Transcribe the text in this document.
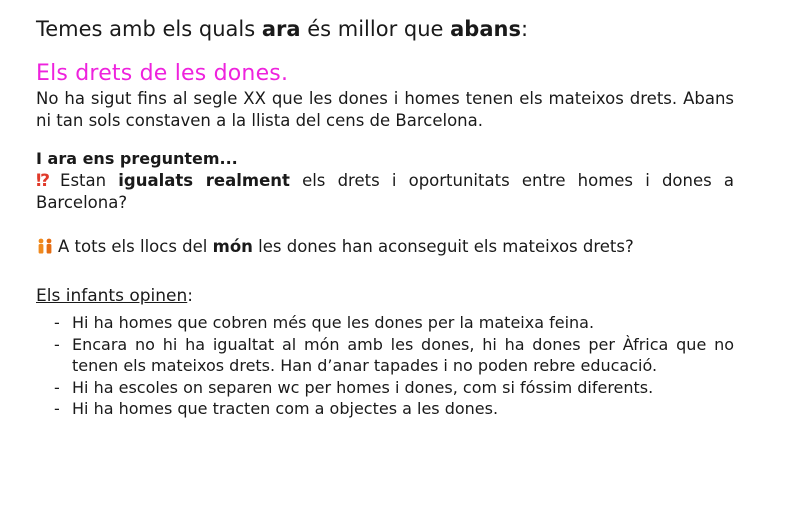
Temes amb els quals ara és millor que abans:
Els drets de les dones.

No ha sigut fins al segle XX que les dones i homes tenen els mateixos drets. Abans ni tan sols constaven a la llista del cens de Barcelona.

I ara ens preguntem...

⁉ Estan igualats realment els drets i oportunitats entre homes i dones a Barcelona?

A tots els llocs del món les dones han aconseguit els mateixos drets?

Els infants opinen:

- Hi ha homes que cobren més que les dones per la mateixa feina.
- Encara no hi ha igualtat al món amb les dones, hi ha dones per Àfrica que no tenen els mateixos drets. Han d’anar tapades i no poden rebre educació.
- Hi ha escoles on separen wc per homes i dones, com si fóssim diferents.
- Hi ha homes que tracten com a objectes a les dones.
